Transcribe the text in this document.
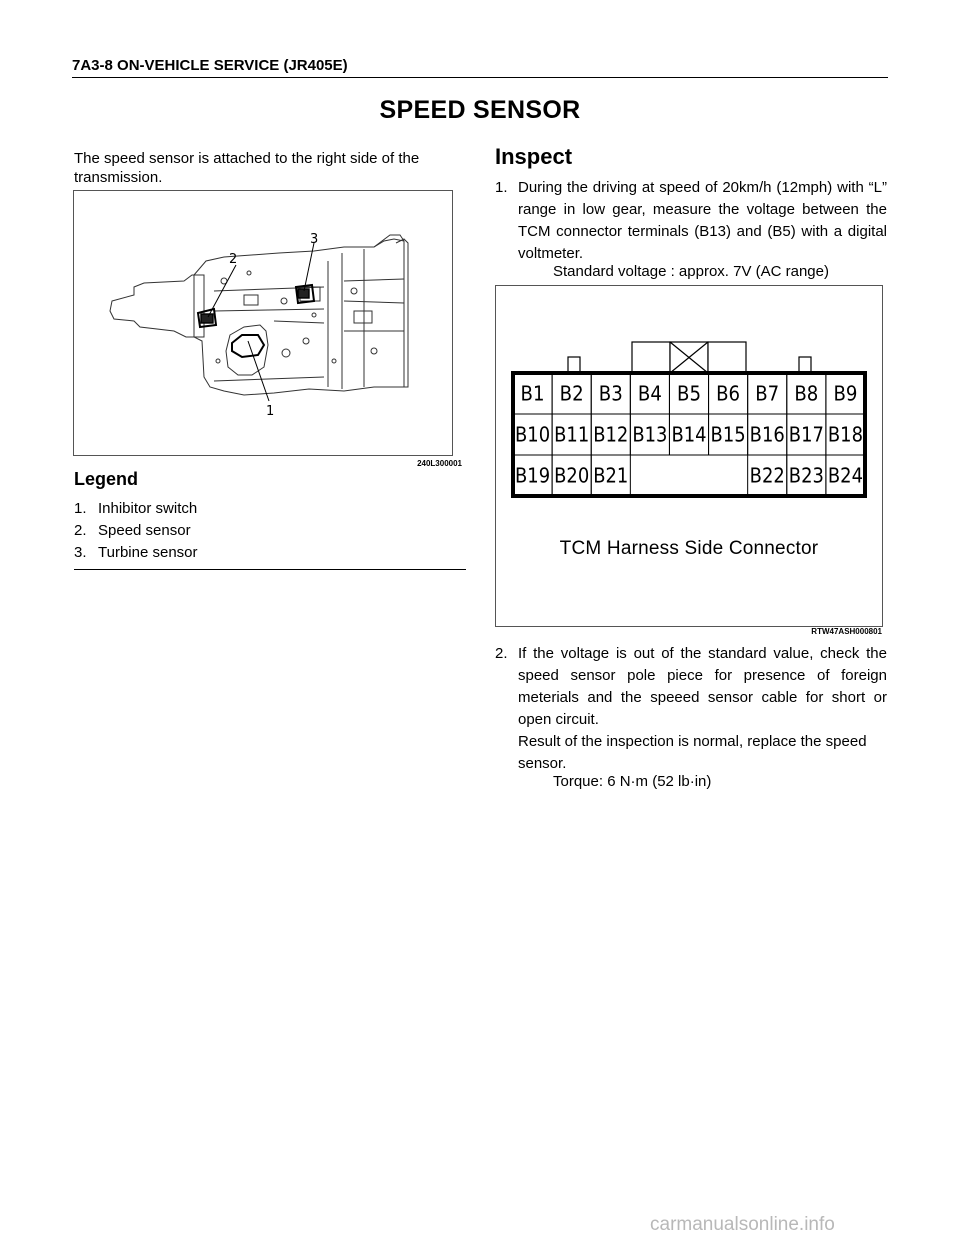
7A3-8 ON-VEHICLE SERVICE (JR405E)
SPEED SENSOR
The speed sensor is attached to the right side of the transmission.
1
2
3
240L300001
Legend
1. Inhibitor switch
2. Speed sensor
3. Turbine sensor
Inspect
1. During the driving at speed of 20km/h (12mph) with “L” range in low gear, measure the voltage between the TCM connector terminals (B13) and (B5) with a digital voltmeter.
Standard voltage : approx. 7V (AC range)
B1 B2 B3 B4 B5 B6 B7 B8 B9
B10 B11 B12 B13 B14 B15 B16 B17 B18
B19 B20 B21	B22 B23 B24
TCM Harness Side Connector
RTW47ASH000801
2. If the voltage is out of the standard value, check the speed sensor pole piece for presence of foreign meterials and the speeed sensor cable for short or open circuit.
Result of the inspection is normal, replace the speed sensor.
Torque: 6 N·m (52 lb·in)
carmanualsonline.info
